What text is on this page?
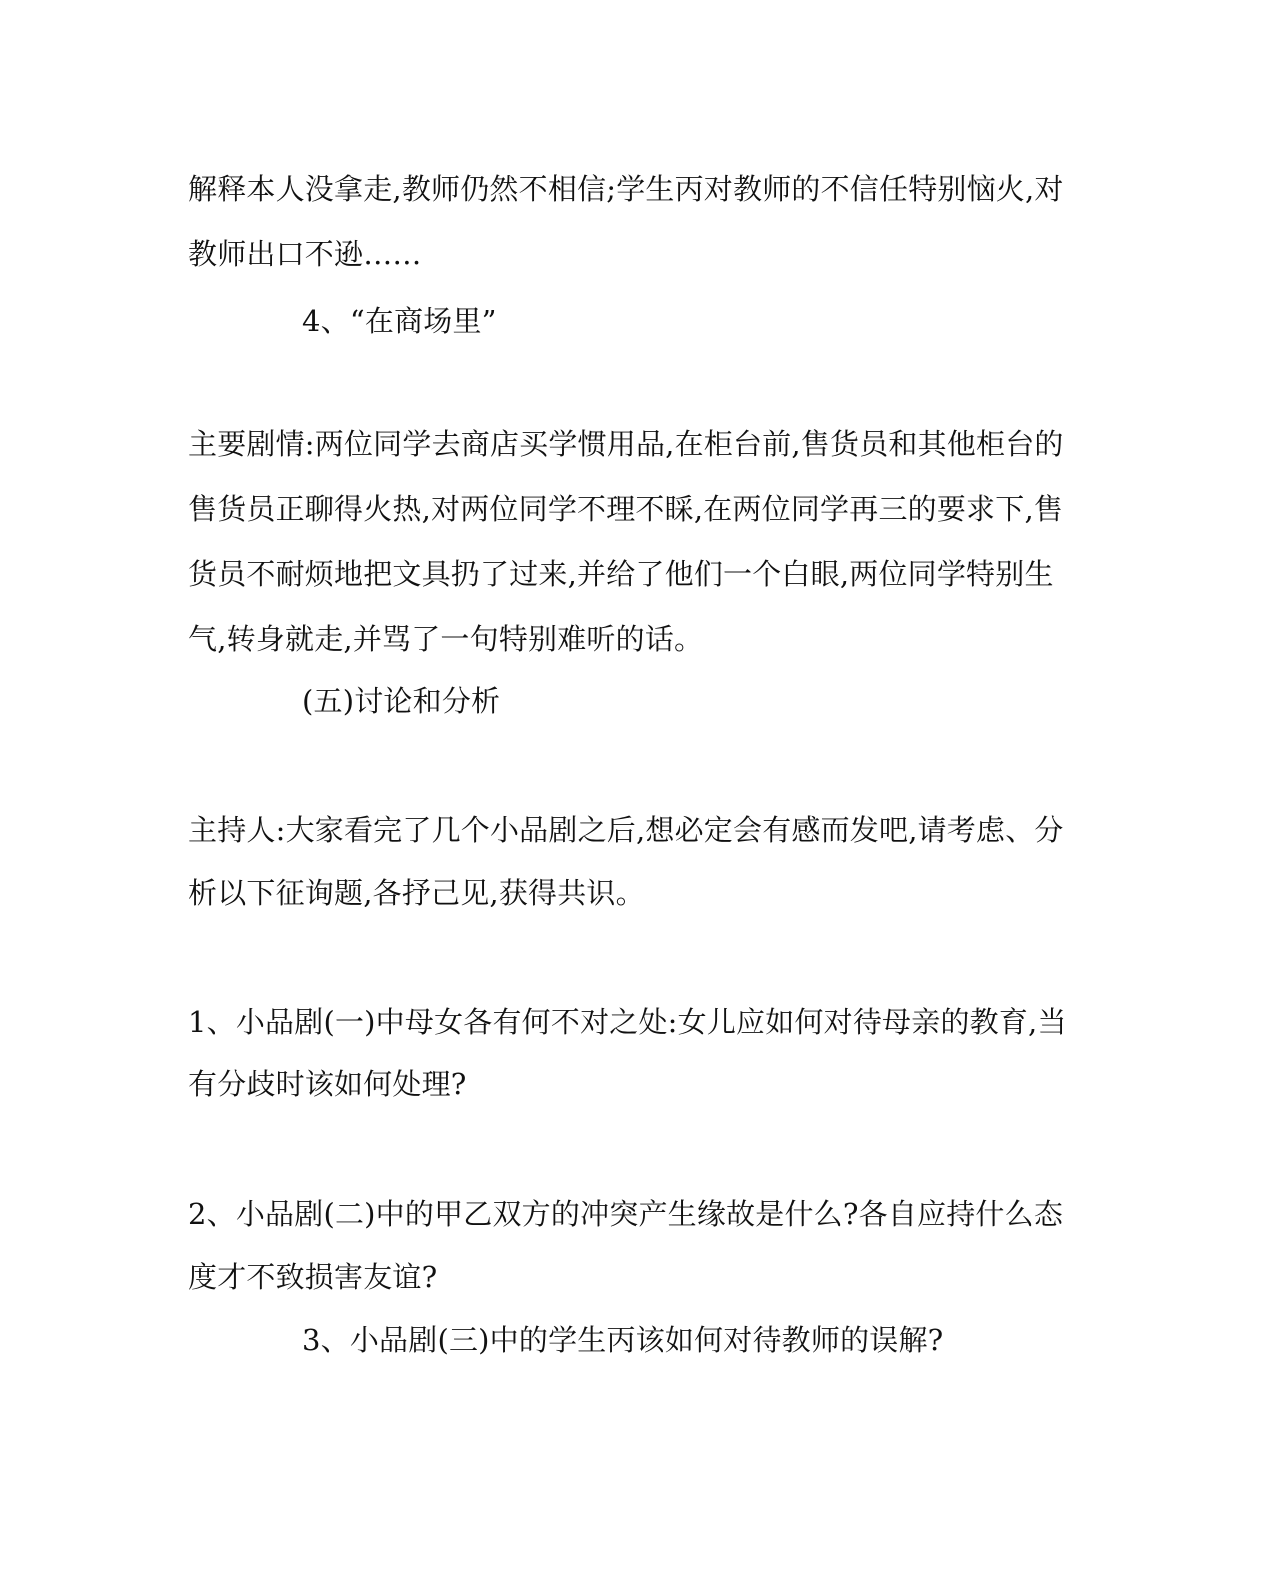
解释本人没拿走,教师仍然不相信;学生丙对教师的不信任特别恼火,对
教师出口不逊……
4、“在商场里”
主要剧情:两位同学去商店买学惯用品,在柜台前,售货员和其他柜台的
售货员正聊得火热,对两位同学不理不睬,在两位同学再三的要求下,售
货员不耐烦地把文具扔了过来,并给了他们一个白眼,两位同学特别生
气,转身就走,并骂了一句特别难听的话。
(五)讨论和分析
主持人:大家看完了几个小品剧之后,想必定会有感而发吧,请考虑、分
析以下征询题,各抒己见,获得共识。
1、小品剧(一)中母女各有何不对之处:女儿应如何对待母亲的教育,当
有分歧时该如何处理?
2、小品剧(二)中的甲乙双方的冲突产生缘故是什么?各自应持什么态
度才不致损害友谊?
3、小品剧(三)中的学生丙该如何对待教师的误解?
